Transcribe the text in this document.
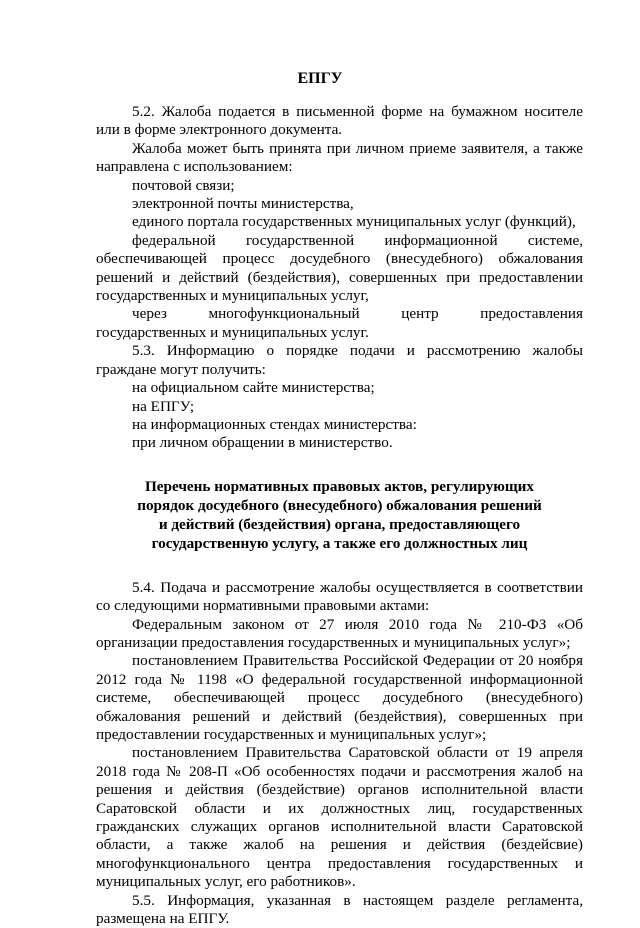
ЕПГУ

5.2. Жалоба подается в письменной форме на бумажном носителе или в форме электронного документа.

Жалоба может быть принята при личном приеме заявителя, а также направлена с использованием:

почтовой связи;

электронной почты министерства,

единого портала государственных муниципальных услуг (функций),

федеральной государственной информационной системе, обеспечивающей процесс досудебного (внесудебного) обжалования решений и действий (бездействия), совершенных при предоставлении государственных и муниципальных услуг,

через многофункциональный центр предоставления государственных и муниципальных услуг.

5.3. Информацию о порядке подачи и рассмотрению жалобы граждане могут получить:

на официальном сайте министерства;

на ЕПГУ;

на информационных стендах министерства:

при личном обращении в министерство.

Перечень нормативных правовых актов, регулирующих
порядок досудебного (внесудебного) обжалования решений
и действий (бездействия) органа, предоставляющего
государственную услугу, а также его должностных лиц

5.4. Подача и рассмотрение жалобы осуществляется в соответствии со следующими нормативными правовыми актами:

Федеральным законом от 27 июля 2010 года № 210-ФЗ «Об организации предоставления государственных и муниципальных услуг»;

постановлением Правительства Российской Федерации от 20 ноября 2012 года № 1198 «О федеральной государственной информационной системе, обеспечивающей процесс досудебного (внесудебного) обжалования решений и действий (бездействия), совершенных при предоставлении государственных и муниципальных услуг»;

постановлением Правительства Саратовской области от 19 апреля 2018 года № 208-П «Об особенностях подачи и рассмотрения жалоб на решения и действия (бездействие) органов исполнительной власти Саратовской области и их должностных лиц, государственных гражданских служащих органов исполнительной власти Саратовской области, а также жалоб на решения и действия (бездейсвие) многофункционального центра предоставления государственных и муниципальных услуг, его работников».

5.5. Информация, указанная в настоящем разделе регламента, размещена на ЕПГУ.
